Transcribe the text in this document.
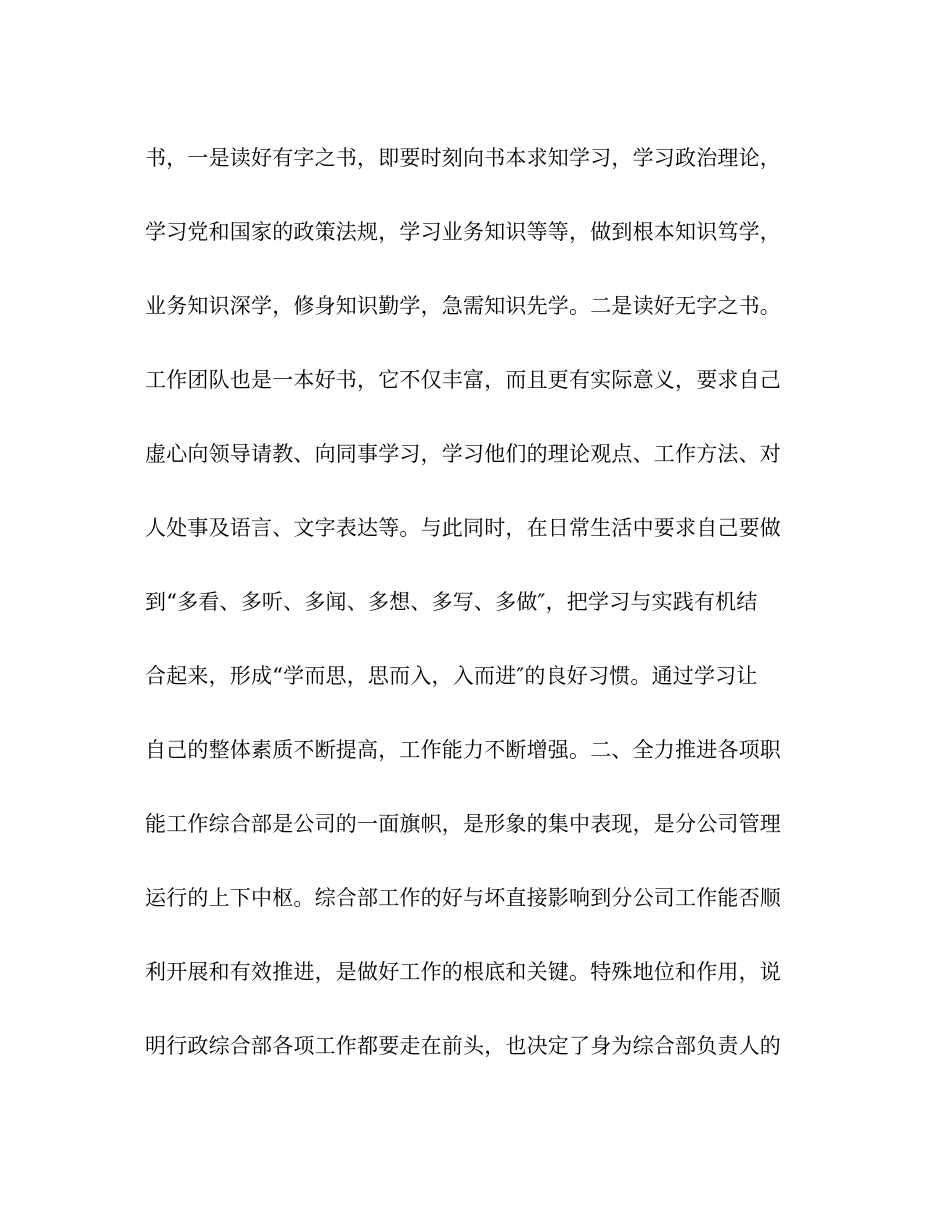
书，一是读好有字之书，即要时刻向书本求知学习，学习政治理论，
学习党和国家的政策法规，学习业务知识等等，做到根本知识笃学，
业务知识深学，修身知识勤学，急需知识先学。二是读好无字之书。
工作团队也是一本好书，它不仅丰富，而且更有实际意义，要求自己
虚心向领导请教、向同事学习，学习他们的理论观点、工作方法、对
人处事及语言、文字表达等。与此同时，在日常生活中要求自己要做
到“多看、多听、多闻、多想、多写、多做″，把学习与实践有机结
合起来，形成“学而思，思而入，入而进″的良好习惯。通过学习让
自己的整体素质不断提高，工作能力不断增强。二、全力推进各项职
能工作综合部是公司的一面旗帜，是形象的集中表现，是分公司管理
运行的上下中枢。综合部工作的好与坏直接影响到分公司工作能否顺
利开展和有效推进，是做好工作的根底和关键。特殊地位和作用，说
明行政综合部各项工作都要走在前头，也决定了身为综合部负责人的
